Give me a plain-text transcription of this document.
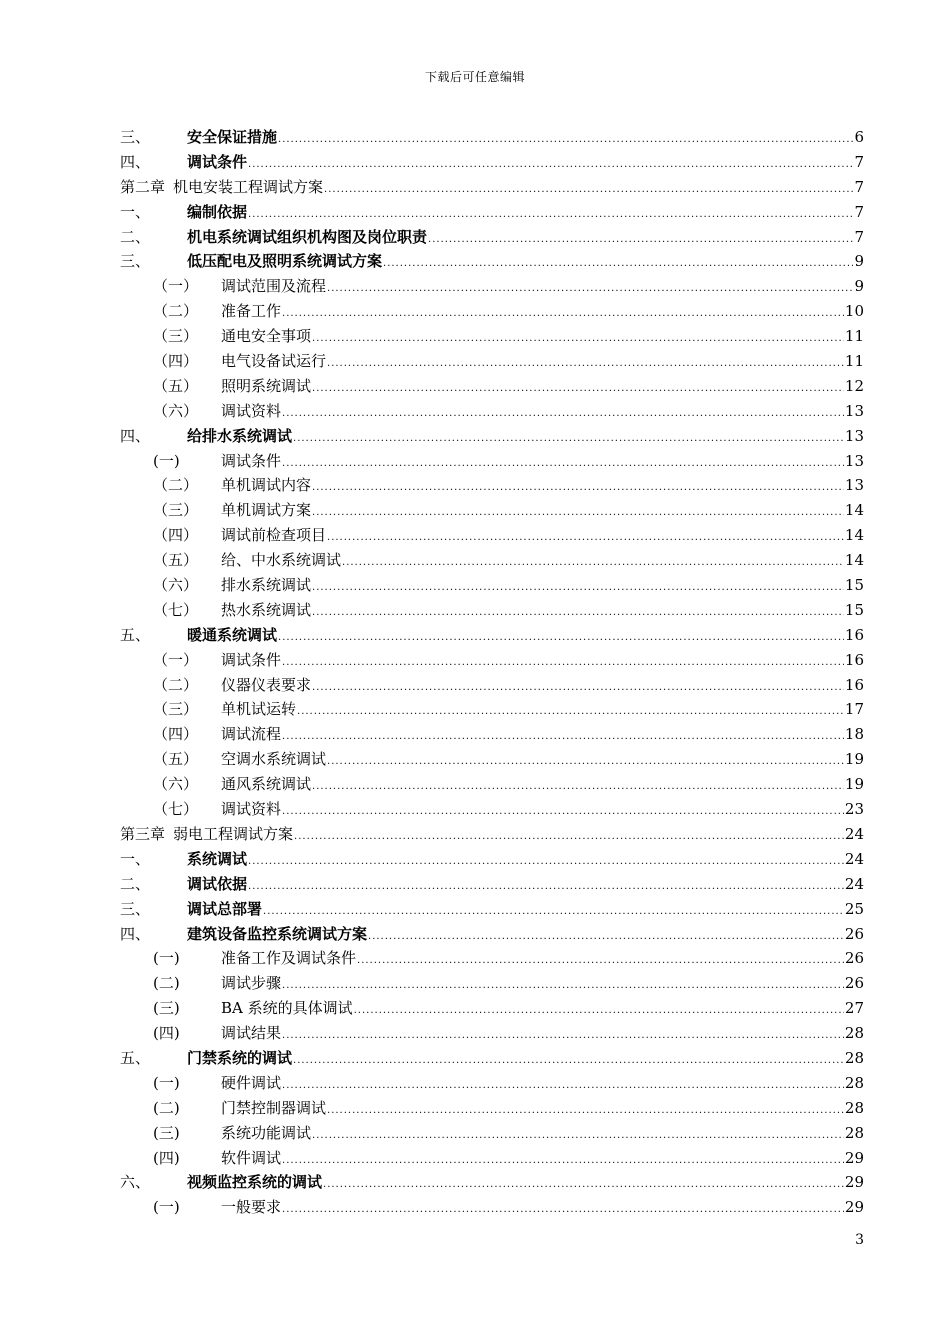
下载后可任意编辑
三、	安全保证措施 .....	6
四、	调试条件 .....	7
第二章 机电安装工程调试方案 .....	7
一、	编制依据 .....	7
二、	机电系统调试组织机构图及岗位职责 .....	7
三、	低压配电及照明系统调试方案 .....	9
（一）	调试范围及流程 .....	9
（二）	准备工作 .....	10
（三）	通电安全事项 .....	11
（四）	电气设备试运行 .....	11
（五）	照明系统调试 .....	12
（六）	调试资料 .....	13
四、	给排水系统调试 .....	13
(一)	调试条件 .....	13
（二）	单机调试内容 .....	13
（三）	单机调试方案 .....	14
（四）	调试前检查项目 .....	14
（五）	给、中水系统调试 .....	14
（六）	排水系统调试 .....	15
（七）	热水系统调试 .....	15
五、	暖通系统调试 .....	16
（一）	调试条件 .....	16
（二）	仪器仪表要求 .....	16
（三）	单机试运转 .....	17
（四）	调试流程 .....	18
（五）	空调水系统调试 .....	19
（六）	通风系统调试 .....	19
（七）	调试资料 .....	23
第三章 弱电工程调试方案 .....	24
一、	系统调试 .....	24
二、	调试依据 .....	24
三、	调试总部署 .....	25
四、	建筑设备监控系统调试方案 .....	26
(一)	准备工作及调试条件 .....	26
(二)	调试步骤 .....	26
(三)	BA 系统的具体调试 .....	27
(四)	调试结果 .....	28
五、	门禁系统的调试 .....	28
(一)	硬件调试 .....	28
(二)	门禁控制器调试 .....	28
(三)	系统功能调试 .....	28
(四)	软件调试 .....	29
六、	视频监控系统的调试 .....	29
(一)	一般要求 .....	29
3
